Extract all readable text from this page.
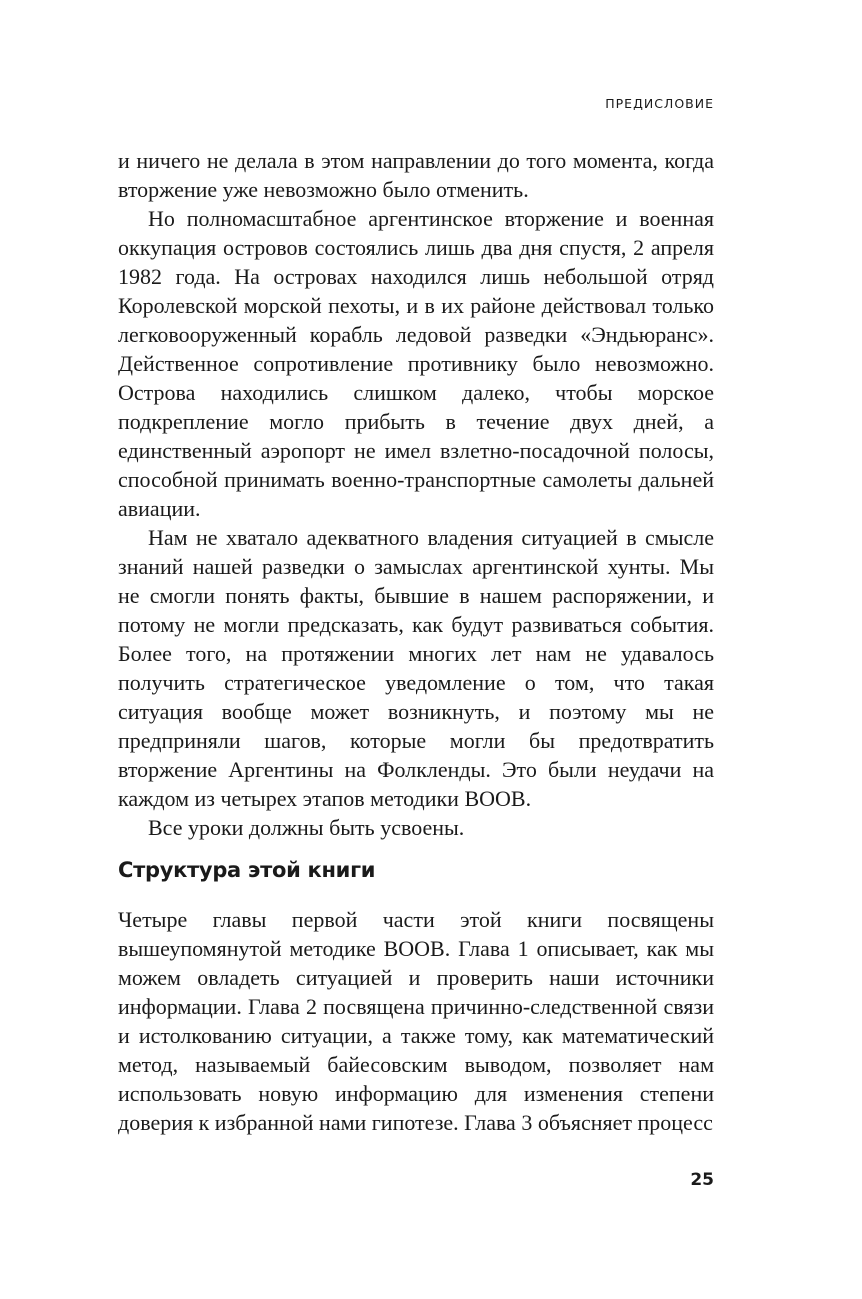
ПРЕДИСЛОВИЕ

и ничего не делала в этом направлении до того момента, когда вторжение уже невозможно было отменить.

Но полномасштабное аргентинское вторжение и военная оккупация островов состоялись лишь два дня спустя, 2 апреля 1982 года. На островах находился лишь небольшой отряд Королевской морской пехоты, и в их районе действовал только легковооруженный корабль ледовой разведки «Эндьюранс». Действенное сопротивление противнику было невозможно. Острова находились слишком далеко, чтобы морское подкрепление могло прибыть в течение двух дней, а единственный аэропорт не имел взлетно-посадочной полосы, способной принимать военно-транспортные самолеты дальней авиации.

Нам не хватало адекватного владения ситуацией в смысле знаний нашей разведки о замыслах аргентинской хунты. Мы не смогли понять факты, бывшие в нашем распоряжении, и потому не могли предсказать, как будут развиваться события. Более того, на протяжении многих лет нам не удавалось получить стратегическое уведомление о том, что такая ситуация вообще может возникнуть, и поэтому мы не предприняли шагов, которые могли бы предотвратить вторжение Аргентины на Фолкленды. Это были неудачи на каждом из четырех этапов методики ВООВ.

Все уроки должны быть усвоены.

Структура этой книги

Четыре главы первой части этой книги посвящены вышеупомянутой методике ВООВ. Глава 1 описывает, как мы можем овладеть ситуацией и проверить наши источники информации. Глава 2 посвящена причинно-следственной связи и истолкованию ситуации, а также тому, как математический метод, называемый байесовским выводом, позволяет нам использовать новую информацию для изменения степени доверия к избранной нами гипотезе. Глава 3 объясняет процесс

25
